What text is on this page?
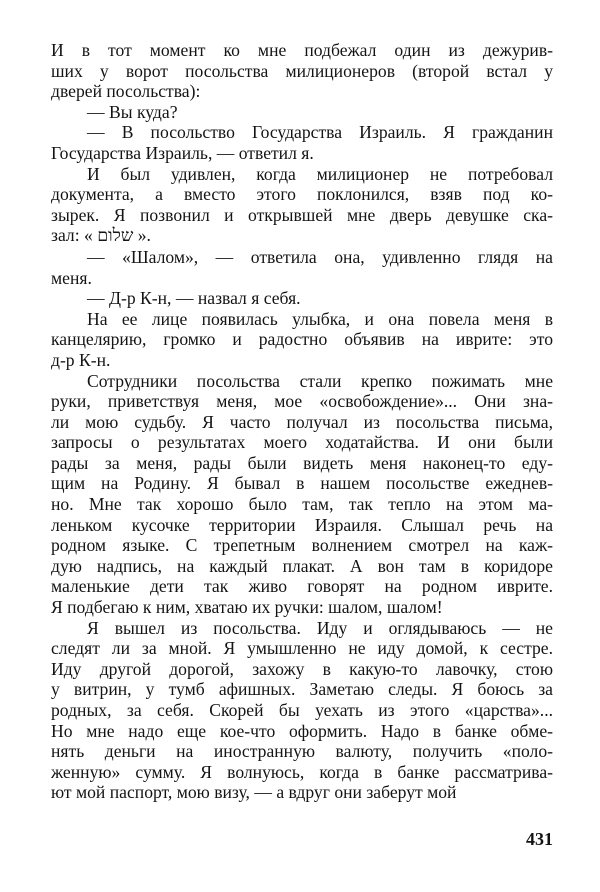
И в тот момент ко мне подбежал один из дежурив-
ших у ворот посольства милиционеров (второй встал у
дверей посольства):
— Вы куда?
— В посольство Государства Израиль. Я гражданин
Государства Израиль, — ответил я.
И был удивлен, когда милиционер не потребовал
документа, а вместо этого поклонился, взяв под ко-
зырек. Я позвонил и открывшей мне дверь девушке ска-
зал: « שלום ».
— «Шалом», — ответила она, удивленно глядя на
меня.
— Д-р К-н, — назвал я себя.
На ее лице появилась улыбка, и она повела меня в
канцелярию, громко и радостно объявив на иврите: это
д-р К-н.
Сотрудники посольства стали крепко пожимать мне
руки, приветствуя меня, мое «освобождение»... Они зна-
ли мою судьбу. Я часто получал из посольства письма,
запросы о результатах моего ходатайства. И они были
рады за меня, рады были видеть меня наконец-то еду-
щим на Родину. Я бывал в нашем посольстве ежеднев-
но. Мне так хорошо было там, так тепло на этом ма-
леньком кусочке территории Израиля. Слышал речь на
родном языке. С трепетным волнением смотрел на каж-
дую надпись, на каждый плакат. А вон там в коридоре
маленькие дети так живо говорят на родном иврите.
Я подбегаю к ним, хватаю их ручки: шалом, шалом!
Я вышел из посольства. Иду и оглядываюсь — не
следят ли за мной. Я умышленно не иду домой, к сестре.
Иду другой дорогой, захожу в какую-то лавочку, стою
у витрин, у тумб афишных. Заметаю следы. Я боюсь за
родных, за себя. Скорей бы уехать из этого «царства»...
Но мне надо еще кое-что оформить. Надо в банке обме-
нять деньги на иностранную валюту, получить «поло-
женную» сумму. Я волнуюсь, когда в банке рассматрива-
ют мой паспорт, мою визу, — а вдруг они заберут мой
431
